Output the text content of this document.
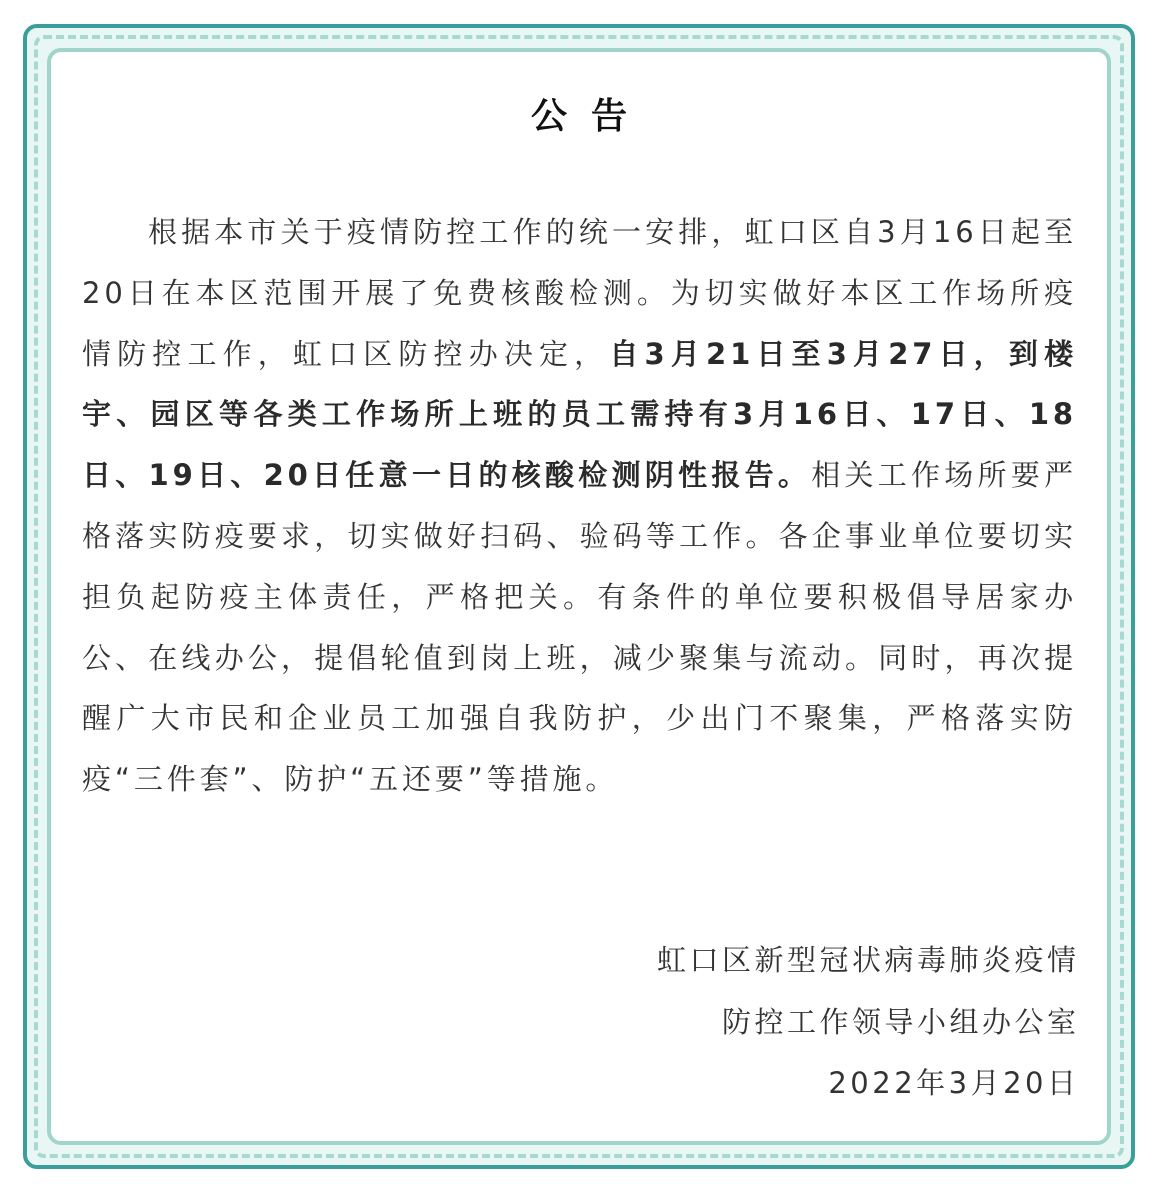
公告
根据本市关于疫情防控工作的统一安排，虹口区自3月16日起至20日在本区范围开展了免费核酸检测。为切实做好本区工作场所疫情防控工作，虹口区防控办决定，自3月21日至3月27日，到楼宇、园区等各类工作场所上班的员工需持有3月16日、17日、18日、19日、20日任意一日的核酸检测阴性报告。相关工作场所要严格落实防疫要求，切实做好扫码、验码等工作。各企事业单位要切实担负起防疫主体责任，严格把关。有条件的单位要积极倡导居家办公、在线办公，提倡轮值到岗上班，减少聚集与流动。同时，再次提醒广大市民和企业员工加强自我防护，少出门不聚集，严格落实防疫“三件套”、防护“五还要”等措施。
虹口区新型冠状病毒肺炎疫情
防控工作领导小组办公室
2022年3月20日
